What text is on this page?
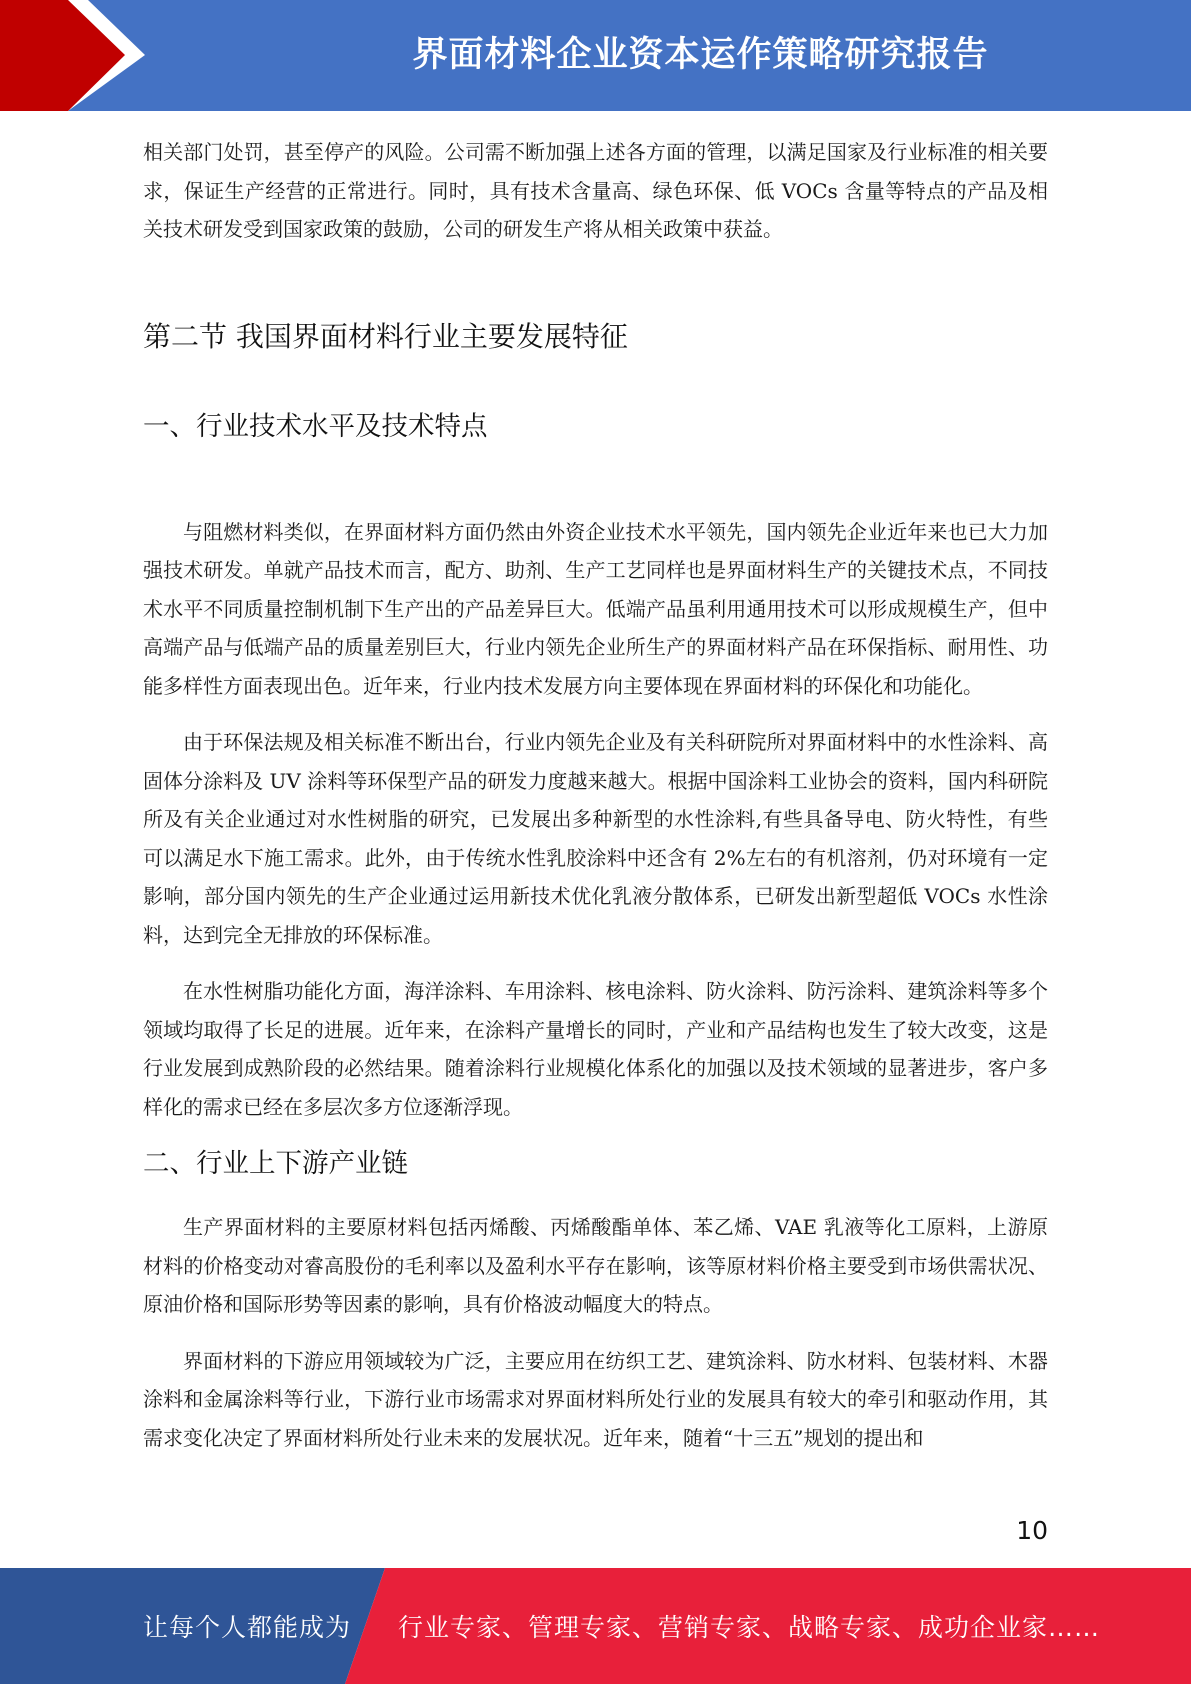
界面材料企业资本运作策略研究报告

相关部门处罚，甚至停产的风险。公司需不断加强上述各方面的管理，以满足国家及行业标准的相关要求，保证生产经营的正常进行。同时，具有技术含量高、绿色环保、低 VOCs 含量等特点的产品及相关技术研发受到国家政策的鼓励，公司的研发生产将从相关政策中获益。

第二节 我国界面材料行业主要发展特征
一、行业技术水平及技术特点

与阻燃材料类似，在界面材料方面仍然由外资企业技术水平领先，国内领先企业近年来也已大力加强技术研发。单就产品技术而言，配方、助剂、生产工艺同样也是界面材料生产的关键技术点，不同技术水平不同质量控制机制下生产出的产品差异巨大。低端产品虽利用通用技术可以形成规模生产，但中高端产品与低端产品的质量差别巨大，行业内领先企业所生产的界面材料产品在环保指标、耐用性、功能多样性方面表现出色。近年来，行业内技术发展方向主要体现在界面材料的环保化和功能化。

由于环保法规及相关标准不断出台，行业内领先企业及有关科研院所对界面材料中的水性涂料、高固体分涂料及 UV 涂料等环保型产品的研发力度越来越大。根据中国涂料工业协会的资料，国内科研院所及有关企业通过对水性树脂的研究，已发展出多种新型的水性涂料,有些具备导电、防火特性，有些可以满足水下施工需求。此外，由于传统水性乳胶涂料中还含有 2%左右的有机溶剂，仍对环境有一定影响，部分国内领先的生产企业通过运用新技术优化乳液分散体系，已研发出新型超低 VOCs 水性涂料，达到完全无排放的环保标准。

在水性树脂功能化方面，海洋涂料、车用涂料、核电涂料、防火涂料、防污涂料、建筑涂料等多个领域均取得了长足的进展。近年来，在涂料产量增长的同时，产业和产品结构也发生了较大改变，这是行业发展到成熟阶段的必然结果。随着涂料行业规模化体系化的加强以及技术领域的显著进步，客户多样化的需求已经在多层次多方位逐渐浮现。

二、行业上下游产业链

生产界面材料的主要原材料包括丙烯酸、丙烯酸酯单体、苯乙烯、VAE 乳液等化工原料，上游原材料的价格变动对睿高股份的毛利率以及盈利水平存在影响，该等原材料价格主要受到市场供需状况、原油价格和国际形势等因素的影响，具有价格波动幅度大的特点。

界面材料的下游应用领域较为广泛，主要应用在纺织工艺、建筑涂料、防水材料、包装材料、木器涂料和金属涂料等行业，下游行业市场需求对界面材料所处行业的发展具有较大的牵引和驱动作用，其需求变化决定了界面材料所处行业未来的发展状况。近年来，随着“十三五”规划的提出和

10
让每个人都能成为 行业专家、管理专家、营销专家、战略专家、成功企业家……
